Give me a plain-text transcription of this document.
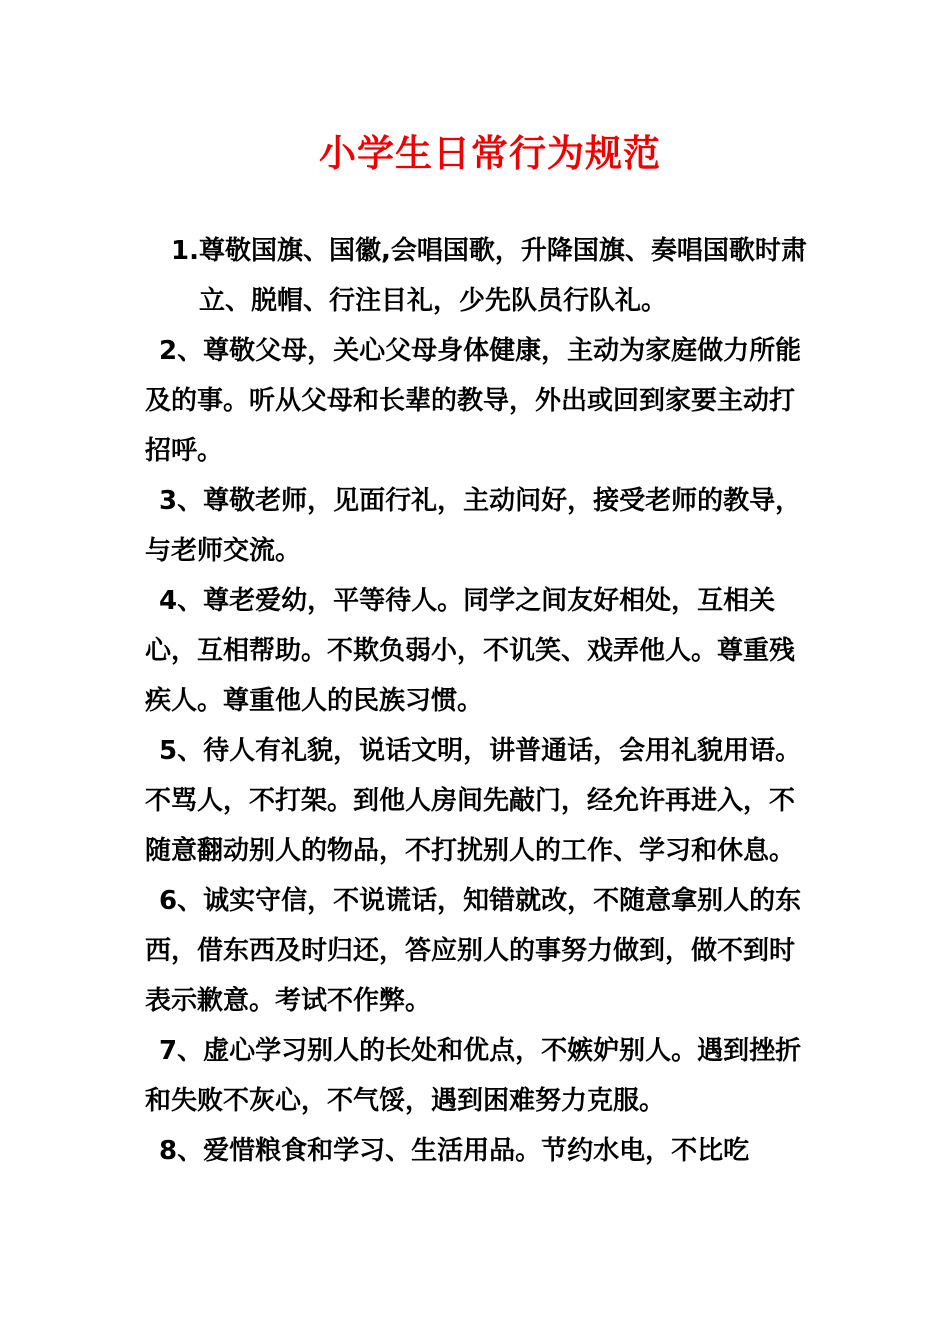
小学生日常行为规范

1.尊敬国旗、国徽,会唱国歌，升降国旗、奏唱国歌时肃立、脱帽、行注目礼，少先队员行队礼。

2、尊敬父母，关心父母身体健康，主动为家庭做力所能及的事。听从父母和长辈的教导，外出或回到家要主动打招呼。

3、尊敬老师，见面行礼，主动问好，接受老师的教导，与老师交流。

4、尊老爱幼，平等待人。同学之间友好相处，互相关心，互相帮助。不欺负弱小，不讥笑、戏弄他人。尊重残疾人。尊重他人的民族习惯。

5、待人有礼貌，说话文明，讲普通话，会用礼貌用语。不骂人，不打架。到他人房间先敲门，经允许再进入，不随意翻动别人的物品，不打扰别人的工作、学习和休息。

6、诚实守信，不说谎话，知错就改，不随意拿别人的东西，借东西及时归还，答应别人的事努力做到，做不到时表示歉意。考试不作弊。

7、虚心学习别人的长处和优点，不嫉妒别人。遇到挫折和失败不灰心，不气馁，遇到困难努力克服。

8、爱惜粮食和学习、生活用品。节约水电，不比吃
